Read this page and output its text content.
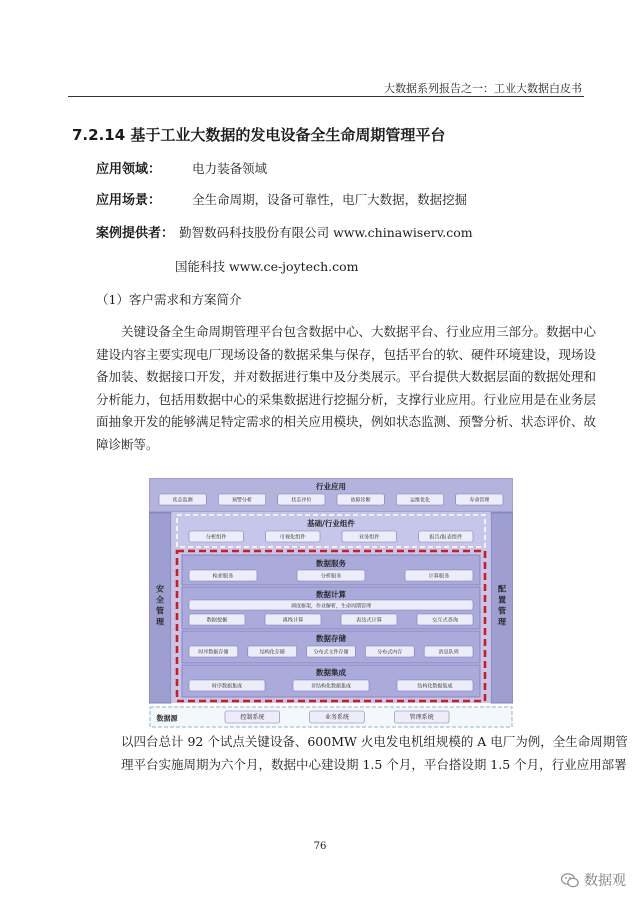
大数据系列报告之一：工业大数据白皮书
7.2.14 基于工业大数据的发电设备全生命周期管理平台
应用领域： 电力装备领域
应用场景： 全生命周期，设备可靠性，电厂大数据，数据挖掘
案例提供者： 勤智数码科技股份有限公司 www.chinawiserv.com
国能科技 www.ce-joytech.com
（1）客户需求和方案简介
关键设备全生命周期管理平台包含数据中心、大数据平台、行业应用三部分。数据中心
建设内容主要实现电厂现场设备的数据采集与保存，包括平台的软、硬件环境建设，现场设
备加装、数据接口开发，并对数据进行集中及分类展示。平台提供大数据层面的数据处理和
分析能力，包括用数据中心的采集数据进行挖掘分析，支撑行业应用。行业应用是在业务层
面抽象开发的能够满足特定需求的相关应用模块，例如状态监测、预警分析、状态评价、故
障诊断等。
行业应用
状态监测	预警分析	状态评价	故障诊断	运维优化	寿命管理
安全管理
配置管理
基础/行业组件
分析组件	可视化组件	业务组件	报告/报表组件
数据服务
检索服务	分析服务	计算服务
数据计算
调度框架，作业解析，生命周期管理
数据挖掘	离线计算	表达式计算	交互式查询
数据存储
时序数据存储	结构化存储	分布式文件存储	分布式内存	消息队列
数据集成
时序数据集成	非结构化数据集成	结构化数据集成
数据源	控制系统	业务系统	管理系统
以四台总计 92 个试点关键设备、600MW 火电发电机组规模的 A 电厂为例，全生命周期管
理平台实施周期为六个月，数据中心建设期 1.5 个月，平台搭设期 1.5 个月，行业应用部署
76
数据观
